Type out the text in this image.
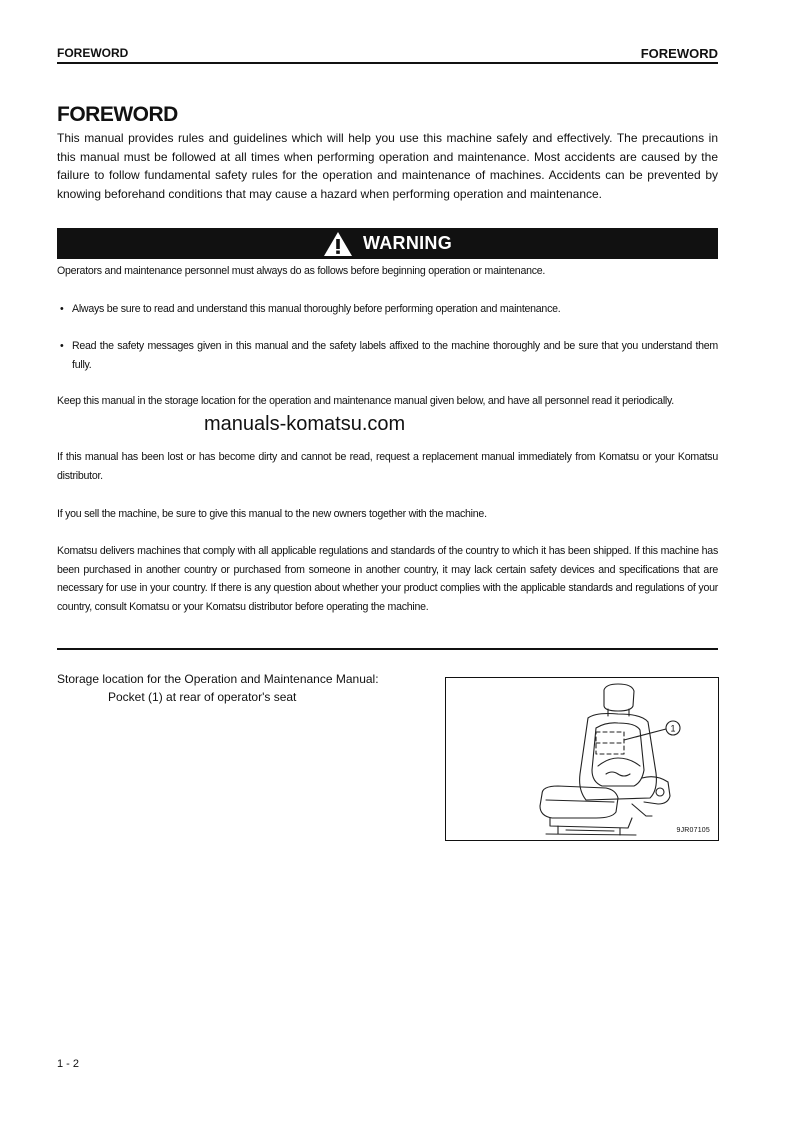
FOREWORD	FOREWORD
FOREWORD
This manual provides rules and guidelines which will help you use this machine safely and effectively. The precautions in this manual must be followed at all times when performing operation and maintenance. Most accidents are caused by the failure to follow fundamental safety rules for the operation and maintenance of machines. Accidents can be prevented by knowing beforehand conditions that may cause a hazard when performing operation and maintenance.
WARNING
Operators and maintenance personnel must always do as follows before beginning operation or maintenance.
• Always be sure to read and understand this manual thoroughly before performing operation and maintenance.
• Read the safety messages given in this manual and the safety labels affixed to the machine thoroughly and be sure that you understand them fully.
Keep this manual in the storage location for the operation and maintenance manual given below, and have all personnel read it periodically.
manuals-komatsu.com
If this manual has been lost or has become dirty and cannot be read, request a replacement manual immediately from Komatsu or your Komatsu distributor.
If you sell the machine, be sure to give this manual to the new owners together with the machine.
Komatsu delivers machines that comply with all applicable regulations and standards of the country to which it has been shipped. If this machine has been purchased in another country or purchased from someone in another country, it may lack certain safety devices and specifications that are necessary for use in your country. If there is any question about whether your product complies with the applicable standards and regulations of your country, consult Komatsu or your Komatsu distributor before operating the machine.
Storage location for the Operation and Maintenance Manual:
Pocket (1) at rear of operator's seat
1
9JR07105
1 - 2
